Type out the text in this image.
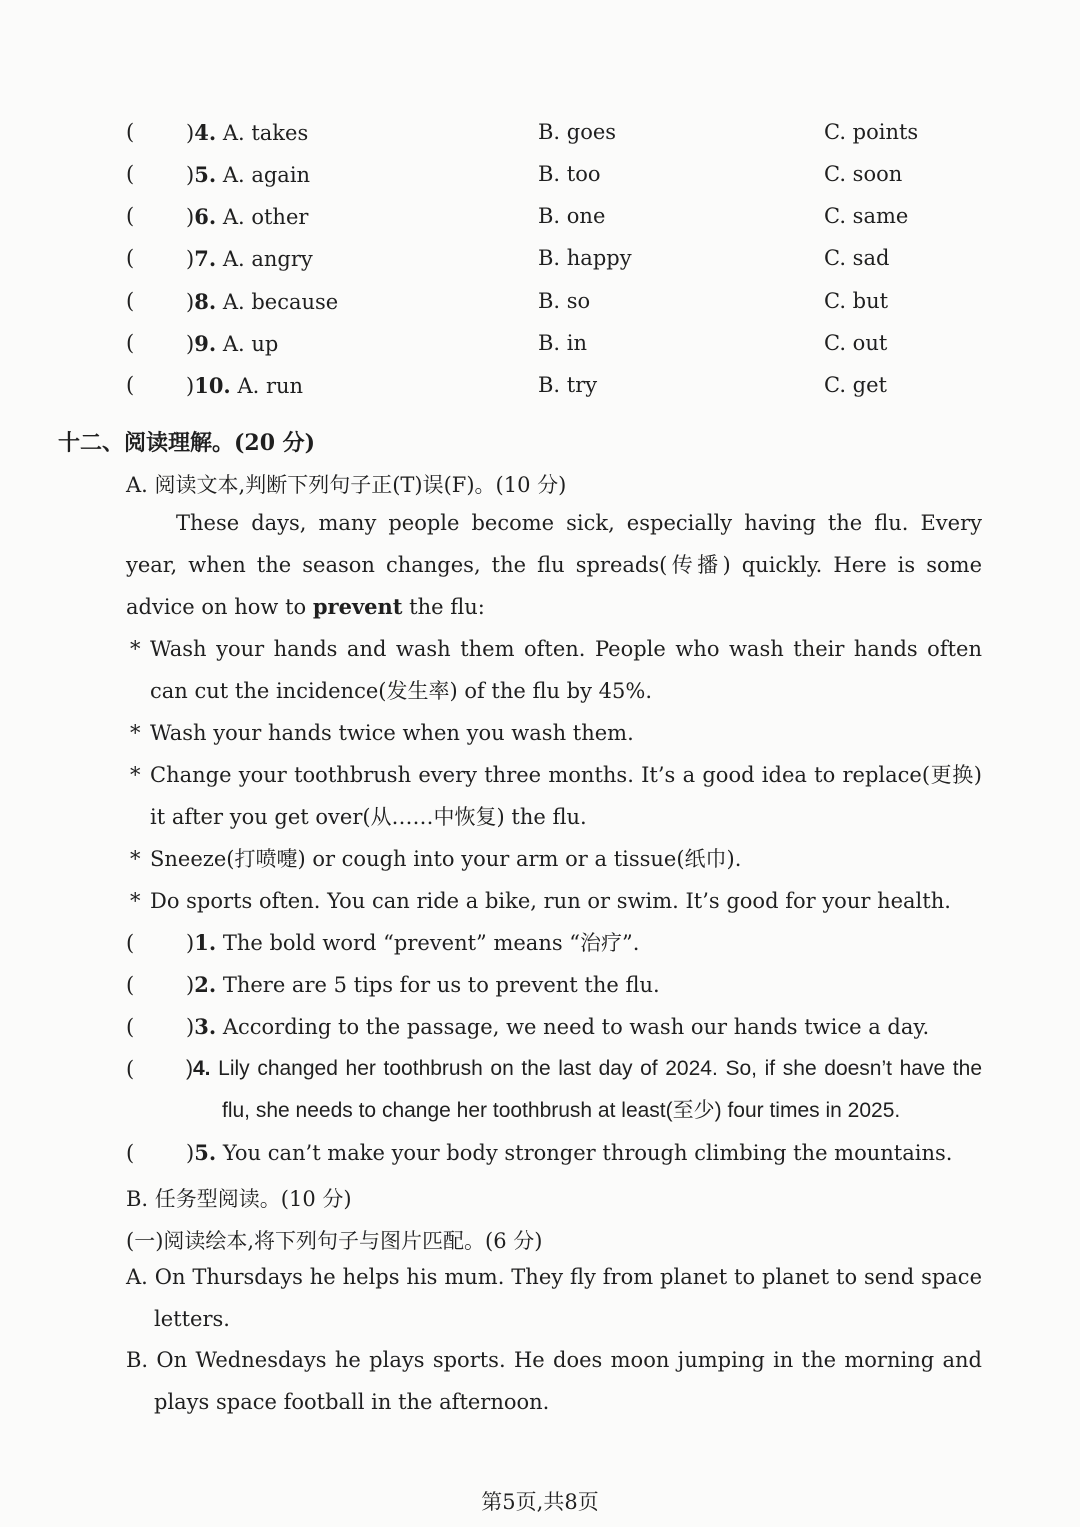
( )4. A. takes	B. goes	C. points
( )5. A. again	B. too	C. soon
( )6. A. other	B. one	C. same
( )7. A. angry	B. happy	C. sad
( )8. A. because	B. so	C. but
( )9. A. up	B. in	C. out
( )10. A. run	B. try	C. get
十二、阅读理解。(20 分)
A. 阅读文本,判断下列句子正(T)误(F)。(10 分)
These days, many people become sick, especially having the flu. Every year, when the season changes, the flu spreads(传播) quickly. Here is some advice on how to prevent the flu:
* Wash your hands and wash them often. People who wash their hands often can cut the incidence(发生率) of the flu by 45%.
* Wash your hands twice when you wash them.
* Change your toothbrush every three months. It’s a good idea to replace(更换) it after you get over(从……中恢复) the flu.
* Sneeze(打喷嚏) or cough into your arm or a tissue(纸巾).
* Do sports often. You can ride a bike, run or swim. It’s good for your health.
( )1. The bold word “prevent” means “治疗”.
( )2. There are 5 tips for us to prevent the flu.
( )3. According to the passage, we need to wash our hands twice a day.
( )4. Lily changed her toothbrush on the last day of 2024. So, if she doesn’t have the flu, she needs to change her toothbrush at least(至少) four times in 2025.
( )5. You can’t make your body stronger through climbing the mountains.
B. 任务型阅读。(10 分)
(一)阅读绘本,将下列句子与图片匹配。(6 分)
A. On Thursdays he helps his mum. They fly from planet to planet to send space letters.
B. On Wednesdays he plays sports. He does moon jumping in the morning and plays space football in the afternoon.
第5页,共8页
